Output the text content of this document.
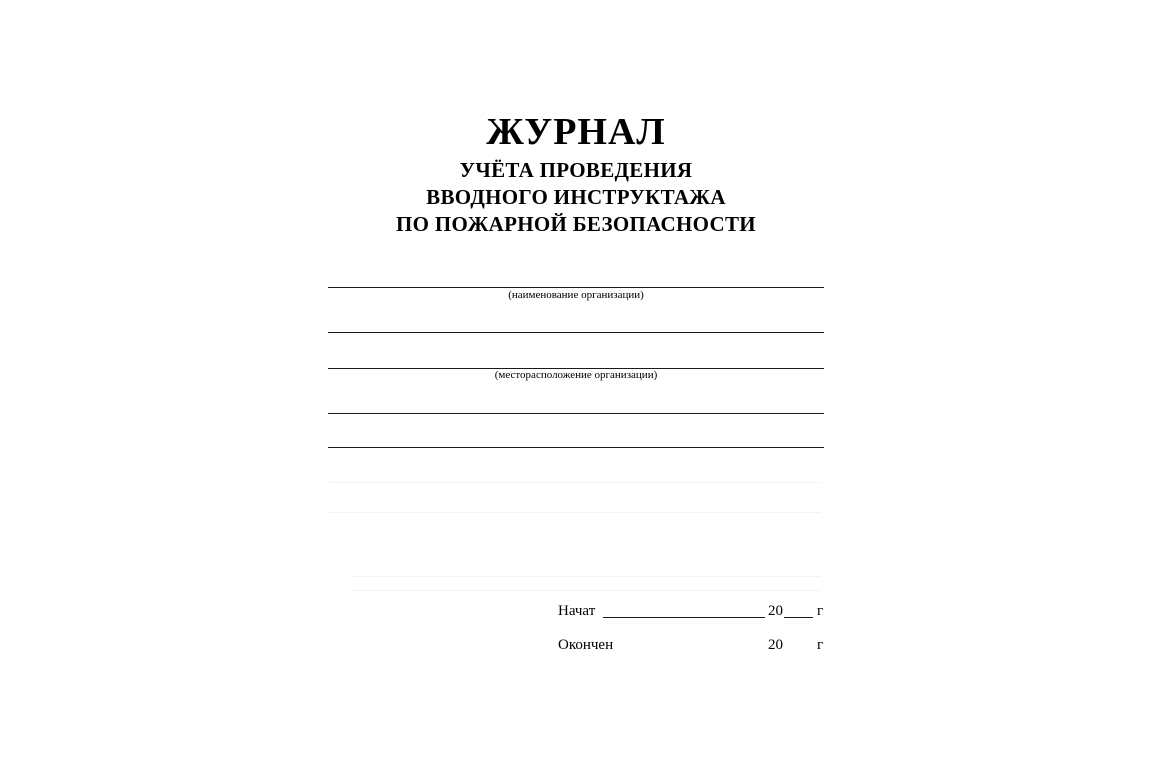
ЖУРНАЛ
УЧЁТА ПРОВЕДЕНИЯ
ВВОДНОГО ИНСТРУКТАЖА
ПО ПОЖАРНОЙ БЕЗОПАСНОСТИ
(наименование организации)
(месторасположение организации)
Начат	20 г
Окончен	20 г
